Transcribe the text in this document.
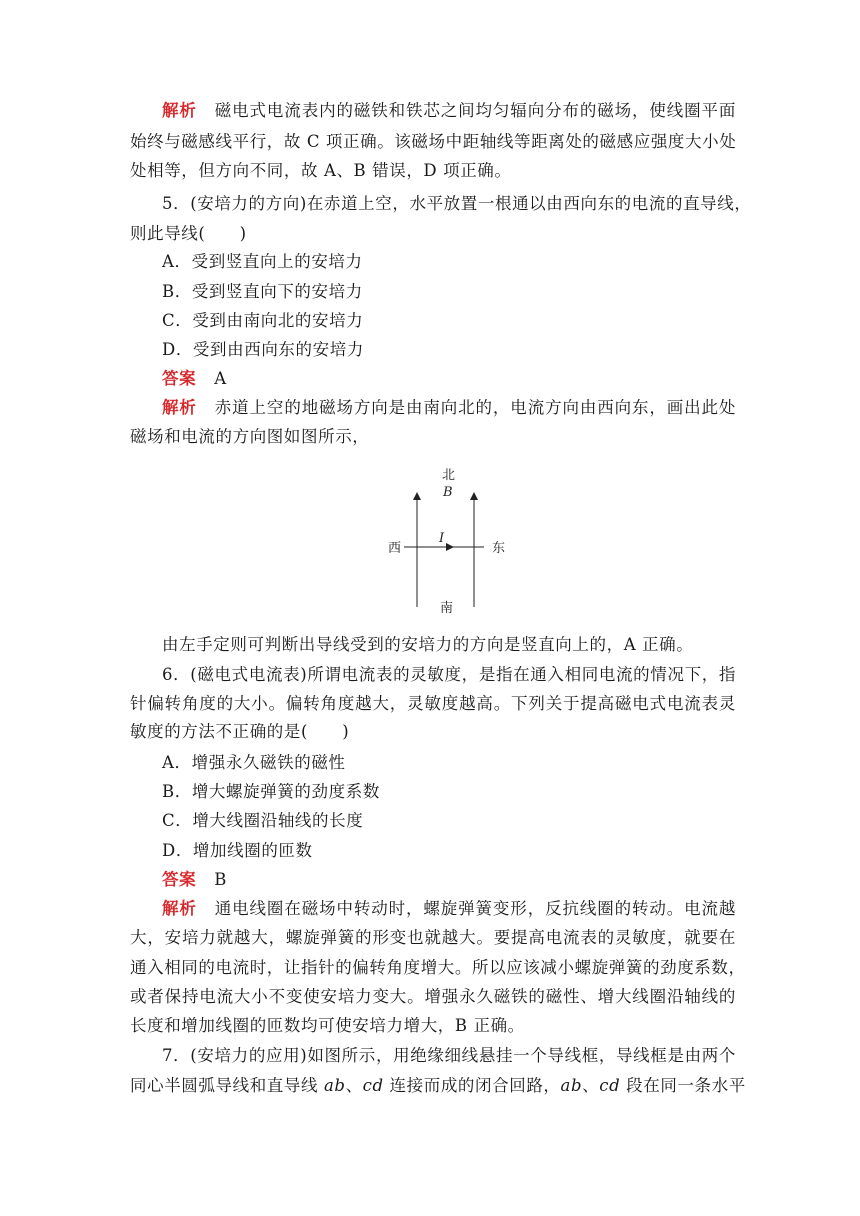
解析 磁电式电流表内的磁铁和铁芯之间均匀辐向分布的磁场，使线圈平面
始终与磁感线平行，故 C 项正确。该磁场中距轴线等距离处的磁感应强度大小处
处相等，但方向不同，故 A、B 错误，D 项正确。
5．(安培力的方向)在赤道上空，水平放置一根通以由西向东的电流的直导线，
则此导线(　　)
A．受到竖直向上的安培力
B．受到竖直向下的安培力
C．受到由南向北的安培力
D．受到由西向东的安培力
答案 A
解析 赤道上空的地磁场方向是由南向北的，电流方向由西向东，画出此处
磁场和电流的方向图如图所示，
北
B
I
西	东
南
由左手定则可判断出导线受到的安培力的方向是竖直向上的，A 正确。
6．(磁电式电流表)所谓电流表的灵敏度，是指在通入相同电流的情况下，指
针偏转角度的大小。偏转角度越大，灵敏度越高。下列关于提高磁电式电流表灵
敏度的方法不正确的是(　　)
A．增强永久磁铁的磁性
B．增大螺旋弹簧的劲度系数
C．增大线圈沿轴线的长度
D．增加线圈的匝数
答案 B
解析 通电线圈在磁场中转动时，螺旋弹簧变形，反抗线圈的转动。电流越
大，安培力就越大，螺旋弹簧的形变也就越大。要提高电流表的灵敏度，就要在
通入相同的电流时，让指针的偏转角度增大。所以应该减小螺旋弹簧的劲度系数，
或者保持电流大小不变使安培力变大。增强永久磁铁的磁性、增大线圈沿轴线的
长度和增加线圈的匝数均可使安培力增大，B 正确。
7．(安培力的应用)如图所示，用绝缘细线悬挂一个导线框，导线框是由两个
同心半圆弧导线和直导线 ab、cd 连接而成的闭合回路，ab、cd 段在同一条水平
